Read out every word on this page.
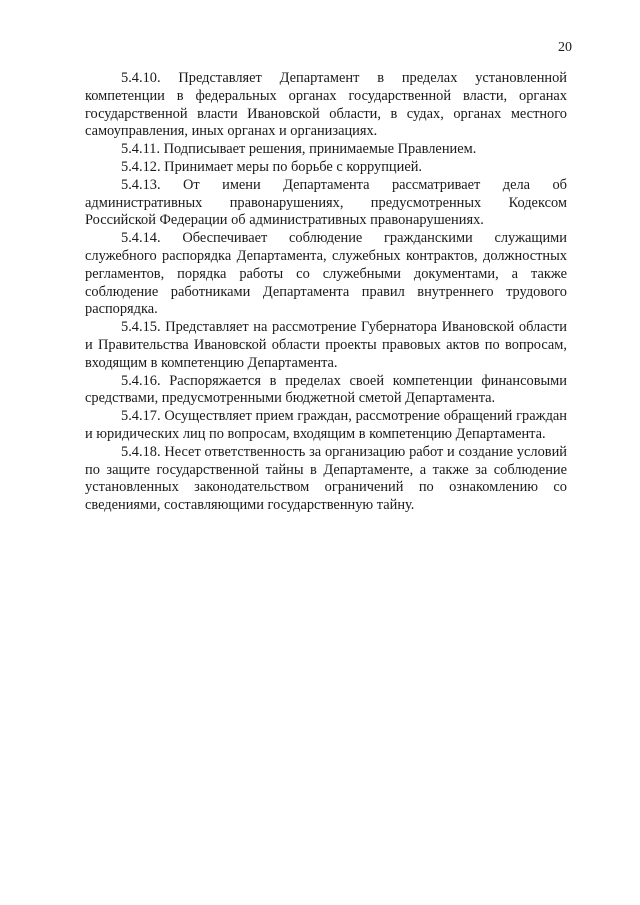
20

5.4.10. Представляет Департамент в пределах установленной компетенции в федеральных органах государственной власти, органах государственной власти Ивановской области, в судах, органах местного самоуправления, иных органах и организациях.

5.4.11. Подписывает решения, принимаемые Правлением.

5.4.12. Принимает меры по борьбе с коррупцией.

5.4.13. От имени Департамента рассматривает дела об административных правонарушениях, предусмотренных Кодексом Российской Федерации об административных правонарушениях.

5.4.14. Обеспечивает соблюдение гражданскими служащими служебного распорядка Департамента, служебных контрактов, должностных регламентов, порядка работы со служебными документами, а также соблюдение работниками Департамента правил внутреннего трудового распорядка.

5.4.15. Представляет на рассмотрение Губернатора Ивановской области и Правительства Ивановской области проекты правовых актов по вопросам, входящим в компетенцию Департамента.

5.4.16. Распоряжается в пределах своей компетенции финансовыми средствами, предусмотренными бюджетной сметой Департамента.

5.4.17. Осуществляет прием граждан, рассмотрение обращений граждан и юридических лиц по вопросам, входящим в компетенцию Департамента.

5.4.18. Несет ответственность за организацию работ и создание условий по защите государственной тайны в Департаменте, а также за соблюдение установленных законодательством ограничений по ознакомлению со сведениями, составляющими государственную тайну.
